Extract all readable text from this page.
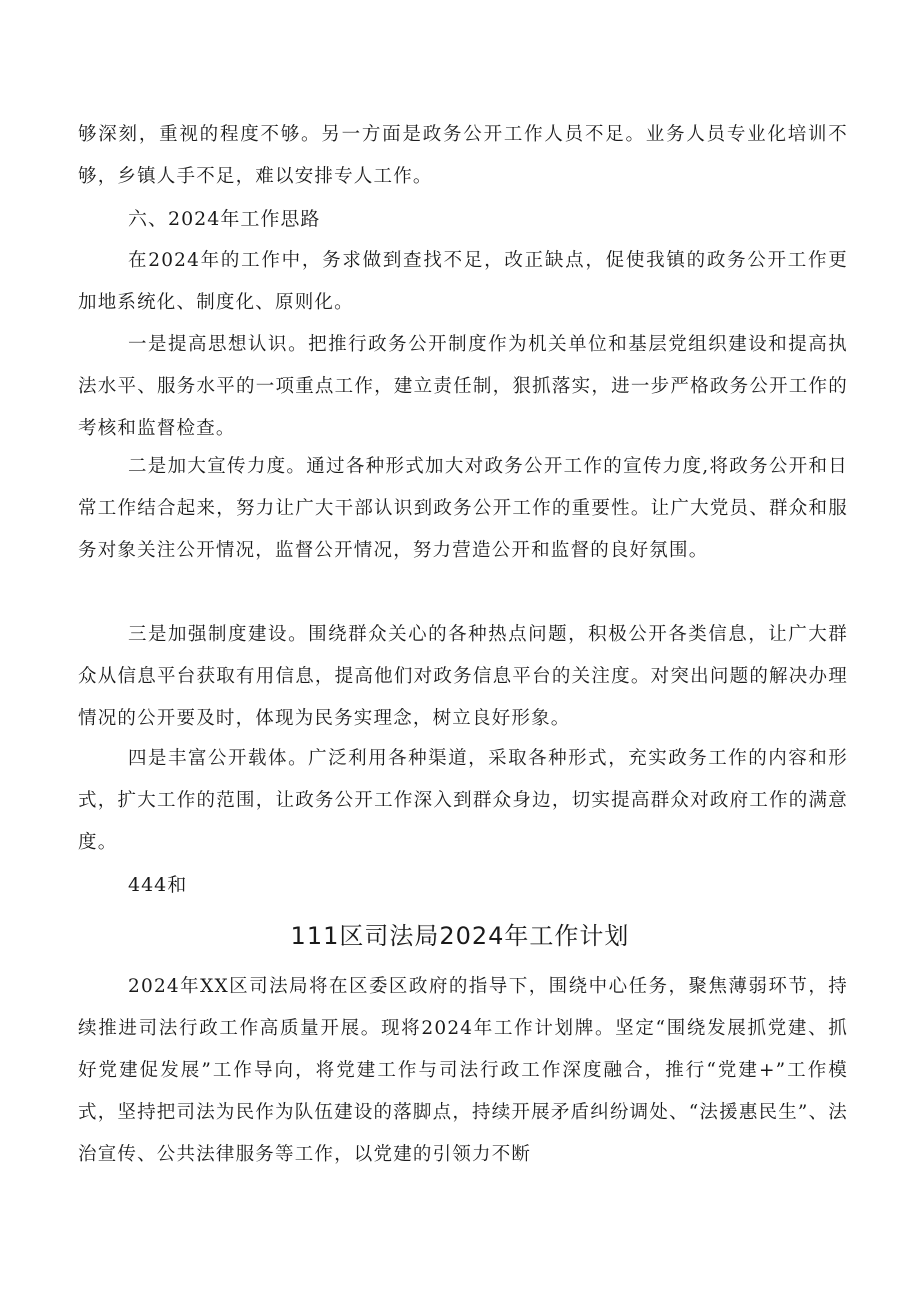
够深刻，重视的程度不够。另一方面是政务公开工作人员不足。业务人员专业化培训不够，乡镇人手不足，难以安排专人工作。

六、2024年工作思路

在2024年的工作中，务求做到查找不足，改正缺点，促使我镇的政务公开工作更加地系统化、制度化、原则化。

一是提高思想认识。把推行政务公开制度作为机关单位和基层党组织建设和提高执法水平、服务水平的一项重点工作，建立责任制，狠抓落实，进一步严格政务公开工作的考核和监督检查。

二是加大宣传力度。通过各种形式加大对政务公开工作的宣传力度,将政务公开和日常工作结合起来，努力让广大干部认识到政务公开工作的重要性。让广大党员、群众和服务对象关注公开情况，监督公开情况，努力营造公开和监督的良好氛围。

三是加强制度建设。围绕群众关心的各种热点问题，积极公开各类信息，让广大群众从信息平台获取有用信息，提高他们对政务信息平台的关注度。对突出问题的解决办理情况的公开要及时，体现为民务实理念，树立良好形象。

四是丰富公开载体。广泛利用各种渠道，采取各种形式，充实政务工作的内容和形式，扩大工作的范围，让政务公开工作深入到群众身边，切实提高群众对政府工作的满意度。

444和

111区司法局2024年工作计划

2024年XX区司法局将在区委区政府的指导下，围绕中心任务，聚焦薄弱环节，持续推进司法行政工作高质量开展。现将2024年工作计划牌。坚定“围绕发展抓党建、抓好党建促发展”工作导向，将党建工作与司法行政工作深度融合，推行“党建+”工作模式，坚持把司法为民作为队伍建设的落脚点，持续开展矛盾纠纷调处、“法援惠民生”、法治宣传、公共法律服务等工作，以党建的引领力不断
